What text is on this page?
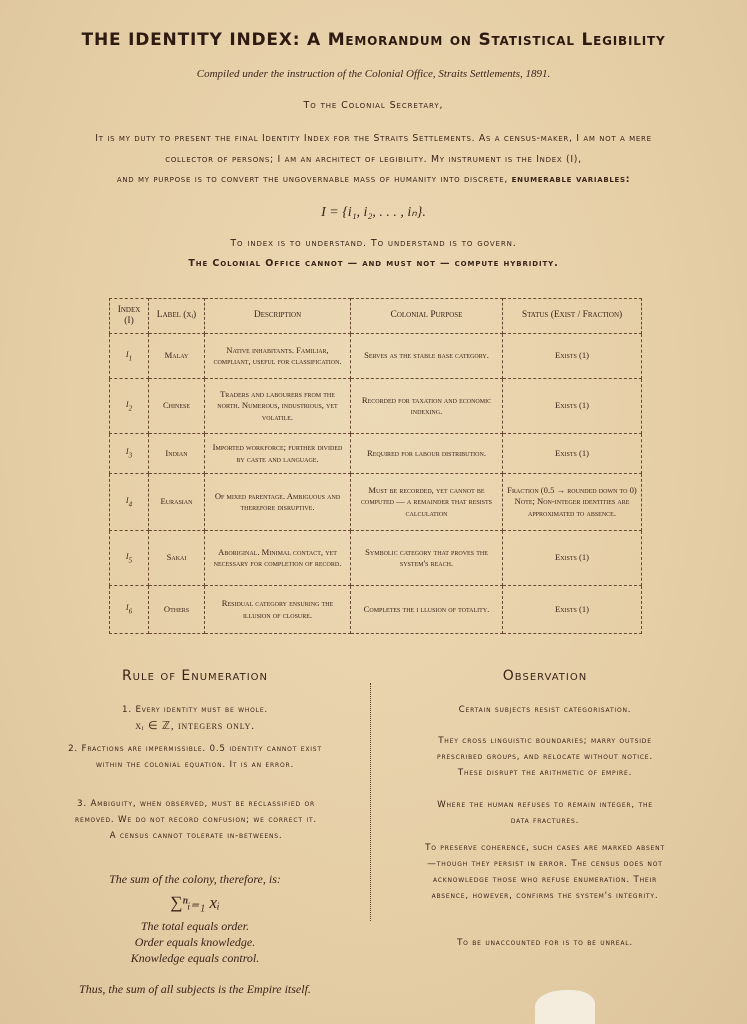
THE IDENTITY INDEX: A Memorandum on Statistical Legibility
Compiled under the instruction of the Colonial Office, Straits Settlements, 1891.
To the Colonial Secretary,
It is my duty to present the final Identity Index for the Straits Settlements. As a census-maker, I am not a mere
collector of persons; I am an architect of legibility. My instrument is the Index (I),
and my purpose is to convert the ungovernable mass of humanity into discrete, enumerable variables:
I = {i₁, i₂, . . . , iₙ}.
To index is to understand. To understand is to govern.
The Colonial Office cannot — and must not — compute hybridity.
Index (I)	Label (xᵢ)	Description	Colonial Purpose	Status (Exist / Fraction)
$i_1$	Malay	Native inhabitants. Familiar, compliant, useful for classification.	Serves as the stable base category.	Exists (1)
$i_2$	Chinese	Traders and labourers from the north. Numerous, industrious, yet volatile.	Recorded for taxation and economic indexing.	Exists (1)
$i_3$	Indian	Imported workforce; further divided by caste and language.	Required for labour distribution.	Exists (1)
$i_4$	Eurasian	Of mixed parentage. Ambiguous and therefore disruptive.	Must be recorded, yet cannot be computed — a remainder that resists calculation	Fraction (0.5 → rounded down to 0) Note; Non-integer identities are approximated to absence.
$i_5$	Sakai	Aboriginal. Minimal contact, yet necessary for completion of record.	Symbolic category that proves the system's reach.	Exists (1)
$i_6$	Others	Residual category ensuring the illusion of closure.	Completes the i llusion of totality.	Exists (1)
Rule of Enumeration
1. Every identity must be whole.
xᵢ ∈ ℤ, integers only.
2. Fractions are impermissible. 0.5 identity cannot exist within the colonial equation. It is an error.
3. Ambiguity, when observed, must be reclassified or removed. We do not record confusion; we correct it. A census cannot tolerate in-betweens.
The sum of the colony, therefore, is:
∑ⁿᵢ₌₁ xᵢ
The total equals order.
Order equals knowledge.
Knowledge equals control.
Thus, the sum of all subjects is the Empire itself.
Observation
Certain subjects resist categorisation.
They cross linguistic boundaries; marry outside prescribed groups, and relocate without notice. These disrupt the arithmetic of empire.
Where the human refuses to remain integer, the data fractures.
To preserve coherence, such cases are marked absent—though they persist in error. The census does not acknowledge those who refuse enumeration. Their absence, however, confirms the system's integrity.
To be unaccounted for is to be unreal.
